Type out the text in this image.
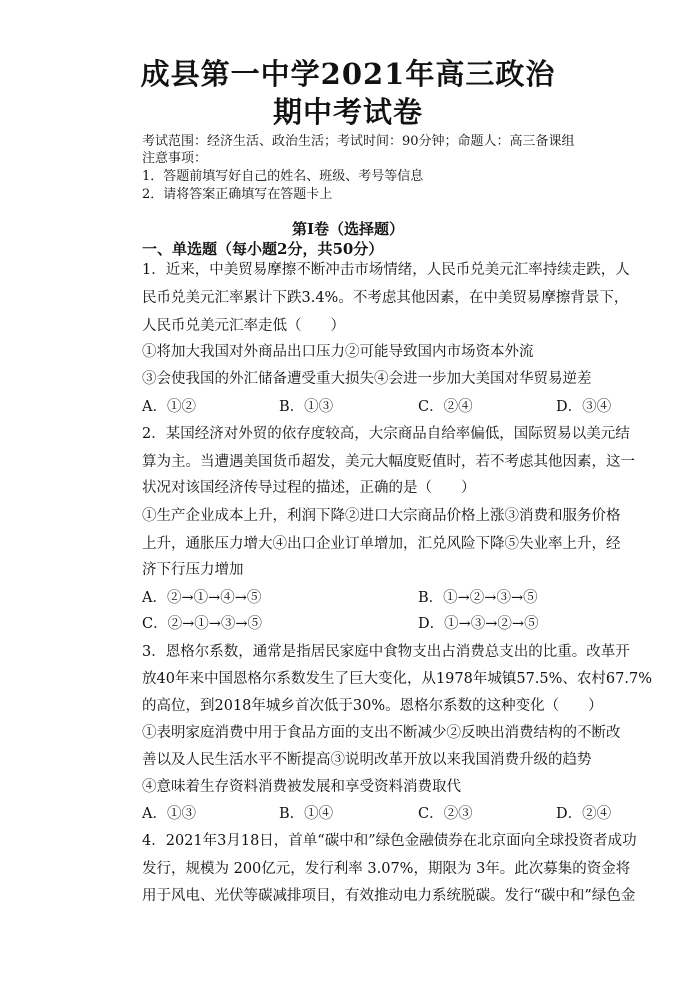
成县第一中学2021年高三政治
期中考试卷
考试范围：经济生活、政治生活；考试时间：90分钟；命题人：高三备课组
注意事项：
1．答题前填写好自己的姓名、班级、考号等信息
2．请将答案正确填写在答题卡上
第I卷（选择题）
一、单选题（每小题2分，共50分）
1．近来，中美贸易摩擦不断冲击市场情绪，人民币兑美元汇率持续走跌，人
民币兑美元汇率累计下跌3.4%。不考虑其他因素，在中美贸易摩擦背景下，
人民币兑美元汇率走低（　　）
①将加大我国对外商品出口压力②可能导致国内市场资本外流
③会使我国的外汇储备遭受重大损失④会进一步加大美国对华贸易逆差
A．①②	B．①③	C．②④	D．③④
2．某国经济对外贸的依存度较高，大宗商品自给率偏低，国际贸易以美元结
算为主。当遭遇美国货币超发，美元大幅度贬值时，若不考虑其他因素，这一
状况对该国经济传导过程的描述，正确的是（　　）
①生产企业成本上升，利润下降②进口大宗商品价格上涨③消费和服务价格
上升，通胀压力增大④出口企业订单增加，汇兑风险下降⑤失业率上升，经
济下行压力增加
A．②→①→④→⑤	B．①→②→③→⑤
C．②→①→③→⑤	D．①→③→②→⑤
3．恩格尔系数，通常是指居民家庭中食物支出占消费总支出的比重。改革开
放40年来中国恩格尔系数发生了巨大变化，从1978年城镇57.5%、农村67.7%
的高位，到2018年城乡首次低于30%。恩格尔系数的这种变化（　　）
①表明家庭消费中用于食品方面的支出不断减少②反映出消费结构的不断改
善以及人民生活水平不断提高③说明改革开放以来我国消费升级的趋势
④意味着生存资料消费被发展和享受资料消费取代
A．①③	B．①④	C．②③	D．②④
4．2021年3月18日，首单“碳中和”绿色金融债券在北京面向全球投资者成功
发行，规模为 200亿元，发行利率 3.07%，期限为 3年。此次募集的资金将
用于风电、光伏等碳减排项目，有效推动电力系统脱碳。发行“碳中和”绿色金
